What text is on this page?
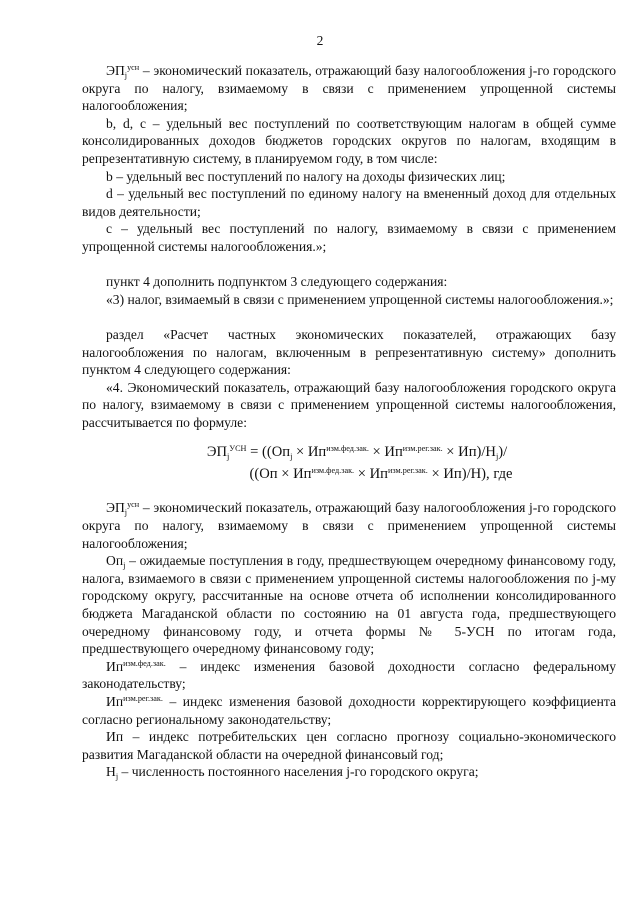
2

$ЭП_j^{усн}$ – экономический показатель, отражающий базу налогообложения j-го городского округа по налогу, взимаемому в связи с применением упрощенной системы налогообложения;

b, d, c – удельный вес поступлений по соответствующим налогам в общей сумме консолидированных доходов бюджетов городских округов по налогам, входящим в репрезентативную систему, в планируемом году, в том числе:

b – удельный вес поступлений по налогу на доходы физических лиц;

d – удельный вес поступлений по единому налогу на вмененный доход для отдельных видов деятельности;

c – удельный вес поступлений по налогу, взимаемому в связи с применением упрощенной системы налогообложения.»;

пункт 4 дополнить подпунктом 3 следующего содержания:

«3) налог, взимаемый в связи с применением упрощенной системы налогообложения.»;

раздел «Расчет частных экономических показателей, отражающих базу налогообложения по налогам, включенным в репрезентативную систему» дополнить пунктом 4 следующего содержания:

«4. Экономический показатель, отражающий базу налогообложения городского округа по налогу, взимаемому в связи с применением упрощенной системы налогообложения, рассчитывается по формуле:

$ЭП_j^{УСН} = ((Оп_j \times Ип^{изм.фед.зак.} \times Ип^{изм.рег.зак.} \times Ип)/H_j)/$
$((Оп \times Ип^{изм.фед.зак.} \times Ип^{изм.рег.зак.} \times Ип)/H)$, где

$ЭП_j^{усн}$ – экономический показатель, отражающий базу налогообложения j-го городского округа по налогу, взимаемому в связи с применением упрощенной системы налогообложения;

$Оп_j$ – ожидаемые поступления в году, предшествующем очередному финансовому году, налога, взимаемого в связи с применением упрощенной системы налогообложения по j-му городскому округу, рассчитанные на основе отчета об исполнении консолидированного бюджета Магаданской области по состоянию на 01 августа года, предшествующего очередному финансовому году, и отчета формы № 5-УСН по итогам года, предшествующего очередному финансовому году;

$Ип^{изм.фед.зак.}$ – индекс изменения базовой доходности согласно федеральному законодательству;

$Ип^{изм.рег.зак.}$ – индекс изменения базовой доходности корректирующего коэффициента согласно региональному законодательству;

Ип – индекс потребительских цен согласно прогнозу социально-экономического развития Магаданской области на очередной финансовый год;

$H_j$ – численность постоянного населения j-го городского округа;
